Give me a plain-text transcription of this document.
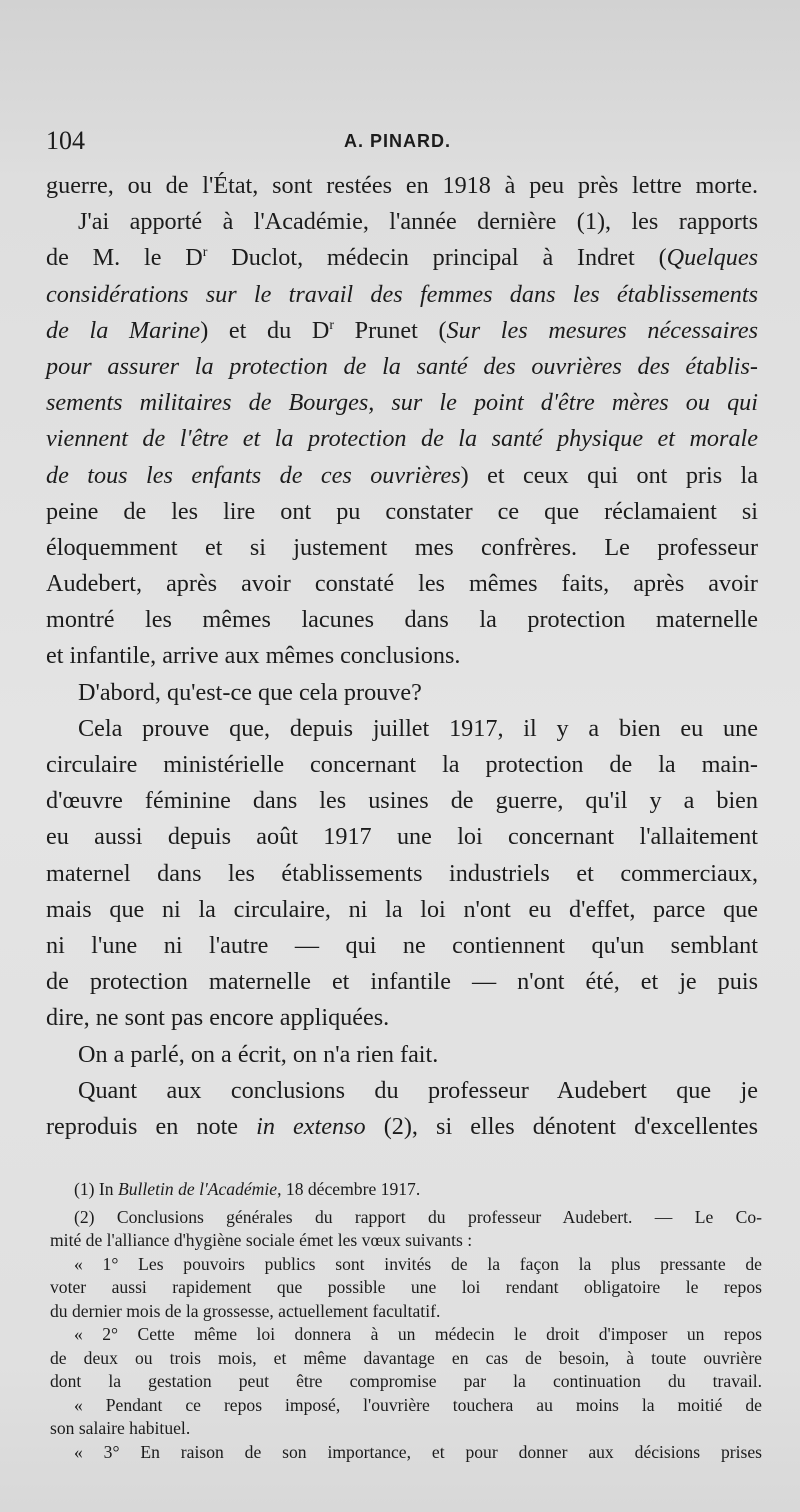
104	A. PINARD.
guerre, ou de l'État, sont restées en 1918 à peu près lettre morte.
J'ai apporté à l'Académie, l'année dernière (1), les rapports
de M. le $D^r$ Duclot, médecin principal à Indret (Quelques
considérations sur le travail des femmes dans les établissements
de la Marine) et du $D^r$ Prunet (Sur les mesures nécessaires
pour assurer la protection de la santé des ouvrières des établis-
sements militaires de Bourges, sur le point d'être mères ou qui
viennent de l'être et la protection de la santé physique et morale
de tous les enfants de ces ouvrières) et ceux qui ont pris la
peine de les lire ont pu constater ce que réclamaient si
éloquemment et si justement mes confrères. Le professeur
Audebert, après avoir constaté les mêmes faits, après avoir
montré les mêmes lacunes dans la protection maternelle
et infantile, arrive aux mêmes conclusions.
D'abord, qu'est-ce que cela prouve?
Cela prouve que, depuis juillet 1917, il y a bien eu une
circulaire ministérielle concernant la protection de la main-
d'œuvre féminine dans les usines de guerre, qu'il y a bien
eu aussi depuis août 1917 une loi concernant l'allaitement
maternel dans les établissements industriels et commerciaux,
mais que ni la circulaire, ni la loi n'ont eu d'effet, parce que
ni l'une ni l'autre — qui ne contiennent qu'un semblant
de protection maternelle et infantile — n'ont été, et je puis
dire, ne sont pas encore appliquées.
On a parlé, on a écrit, on n'a rien fait.
Quant aux conclusions du professeur Audebert que je
reproduis en note in extenso (2), si elles dénotent d'excellentes
(1) In Bulletin de l'Académie, 18 décembre 1917.
(2) Conclusions générales du rapport du professeur Audebert. — Le Co-
mité de l'alliance d'hygiène sociale émet les vœux suivants :
« 1° Les pouvoirs publics sont invités de la façon la plus pressante de
voter aussi rapidement que possible une loi rendant obligatoire le repos
du dernier mois de la grossesse, actuellement facultatif.
« 2° Cette même loi donnera à un médecin le droit d'imposer un repos
de deux ou trois mois, et même davantage en cas de besoin, à toute ouvrière
dont la gestation peut être compromise par la continuation du travail.
« Pendant ce repos imposé, l'ouvrière touchera au moins la moitié de
son salaire habituel.
« 3° En raison de son importance, et pour donner aux décisions prises
